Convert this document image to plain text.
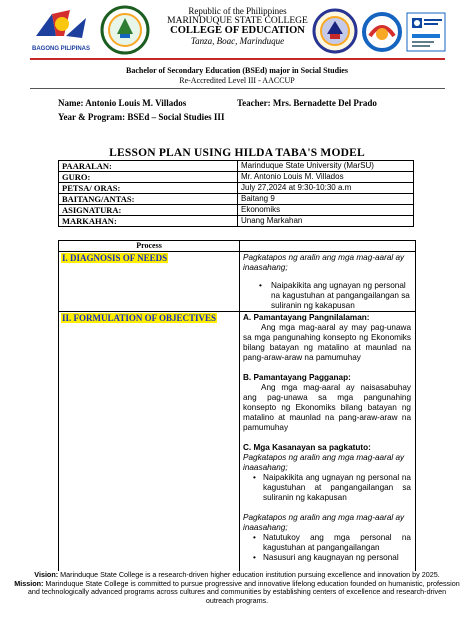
BAGONG PILIPINAS
Republic of the Philippines
MARINDUQUE STATE COLLEGE
COLLEGE OF EDUCATION
Tanza, Boac, Marinduque
Bachelor of Secondary Education (BSEd) major in Social Studies
Re-Accredited Level III - AACCUP
Name: Antonio Louis M. Villados	Teacher: Mrs. Bernadette Del Prado
Year & Program: BSEd – Social Studies III
LESSON PLAN USING HILDA TABA'S MODEL
PAARALAN:	Marinduque State University (MarSU)
GURO:	Mr. Antonio Louis M. Villados
PETSA/ ORAS:	July 27,2024 at 9:30-10:30 a.m
BAITANG/ANTAS:	Baitang 9
ASIGNATURA:	Ekonomiks
MARKAHAN:	Unang Markahan
Process
I. DIAGNOSIS OF NEEDS	Pagkatapos ng aralin ang mga mag-aaral ay inaasahang;
• Naipakikita ang ugnayan ng personal na kagustuhan at pangangailangan sa suliranin ng kakapusan
II. FORMULATION OF OBJECTIVES	A. Pamantayang Pangnilalaman:
Ang mga mag-aaral ay may pag-unawa sa mga pangunahing konsepto ng Ekonomiks bilang batayan ng matalino at maunlad na pang-araw-araw na pamumuhay
B. Pamantayang Pagganap:
Ang mga mag-aaral ay naisasabuhay ang pag-unawa sa mga pangunahing konsepto ng Ekonomiks bilang batayan ng matalino at maunlad na pang-araw-araw na pamumuhay
C. Mga Kasanayan sa pagkatuto:
Pagkatapos ng aralin ang mga mag-aaral ay inaasahang;
• Naipakikita ang ugnayan ng personal na kagustuhan at pangangailangan sa suliranin ng kakapusan
Pagkatapos ng aralin ang mga mag-aaral ay inaasahang;
• Natutukoy ang mga personal na kagustuhan at pangangailangan
• Nasusuri ang kaugnayan ng personal
Vision: Marinduque State College is a research-driven higher education institution pursuing excellence and innovation by 2025.
Mission: Marinduque State College is committed to pursue progressive and innovative lifelong education founded on humanistic, profession and technologically advanced programs across cultures and communities by establishing centers of excellence and research-driven outreach programs.
